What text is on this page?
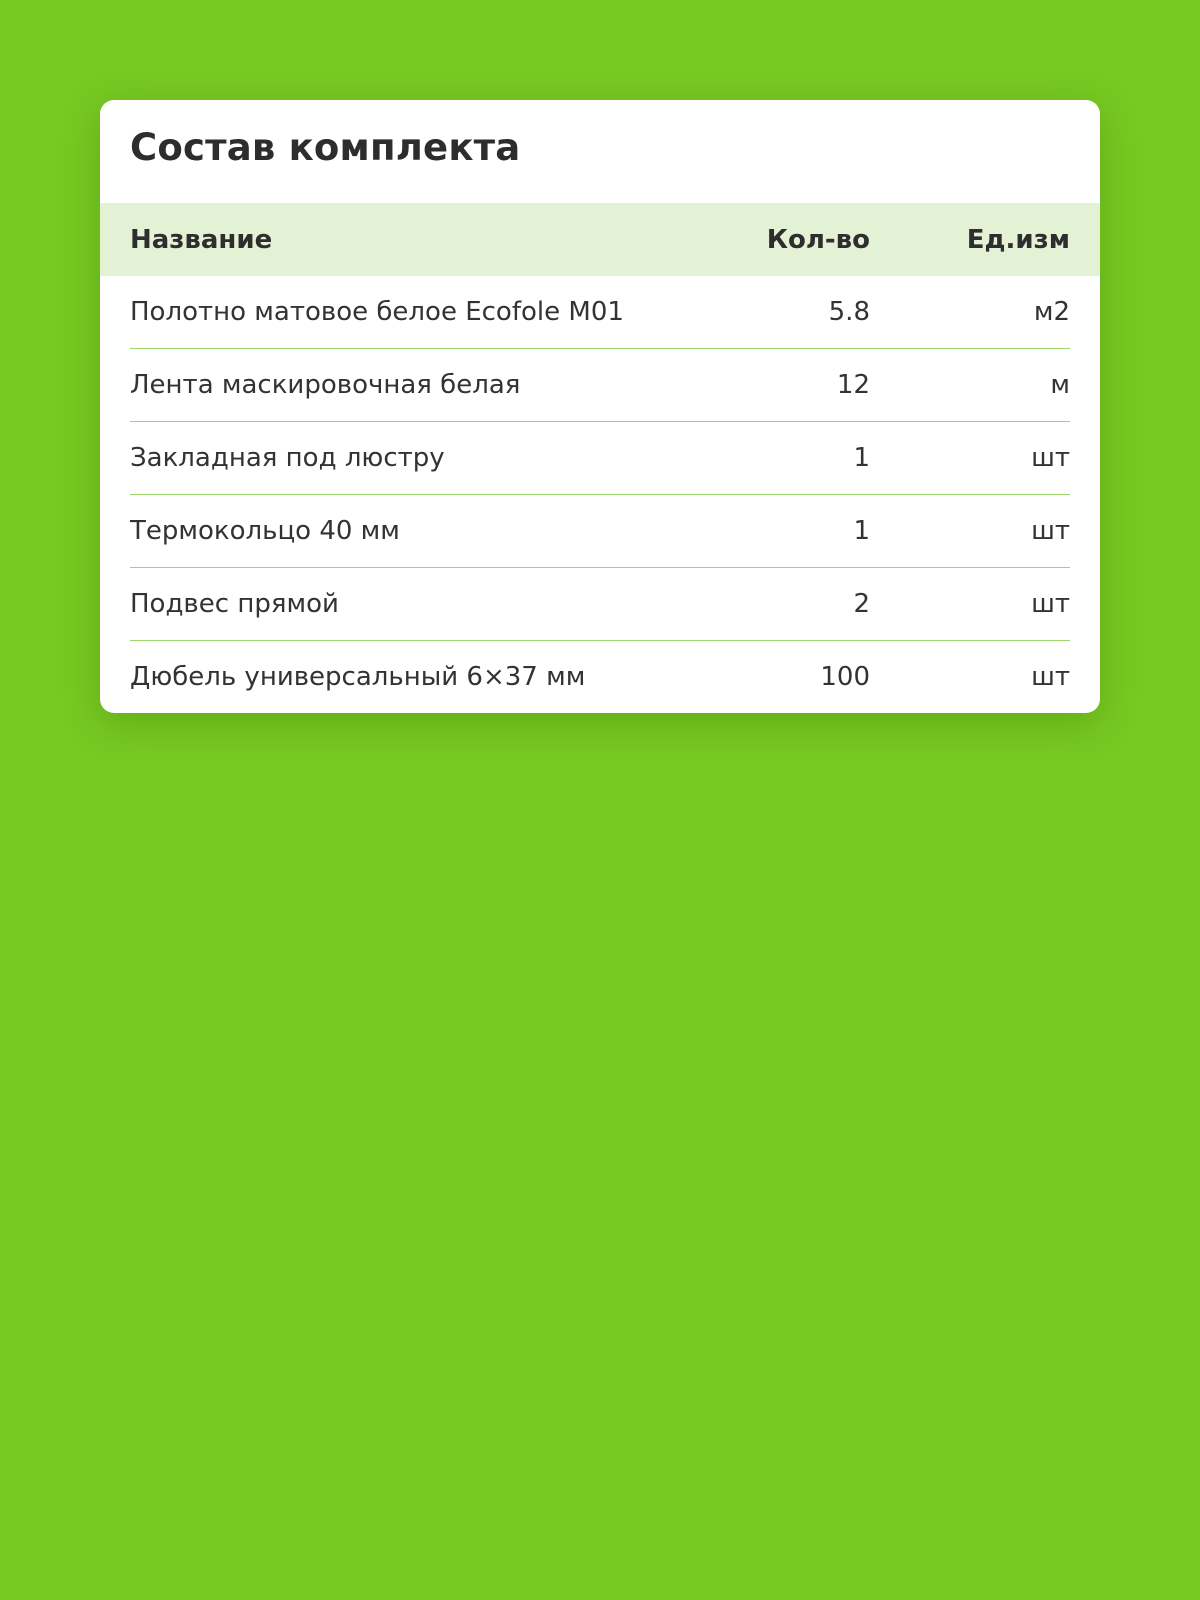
Состав комплекта
Название	Кол-во	Ед.изм
Полотно матовое белое Ecofole M01	5.8	м2
Лента маскировочная белая	12	м
Закладная под люстру	1	шт
Термокольцо 40 мм	1	шт
Подвес прямой	2	шт
Дюбель универсальный 6×37 мм	100	шт
